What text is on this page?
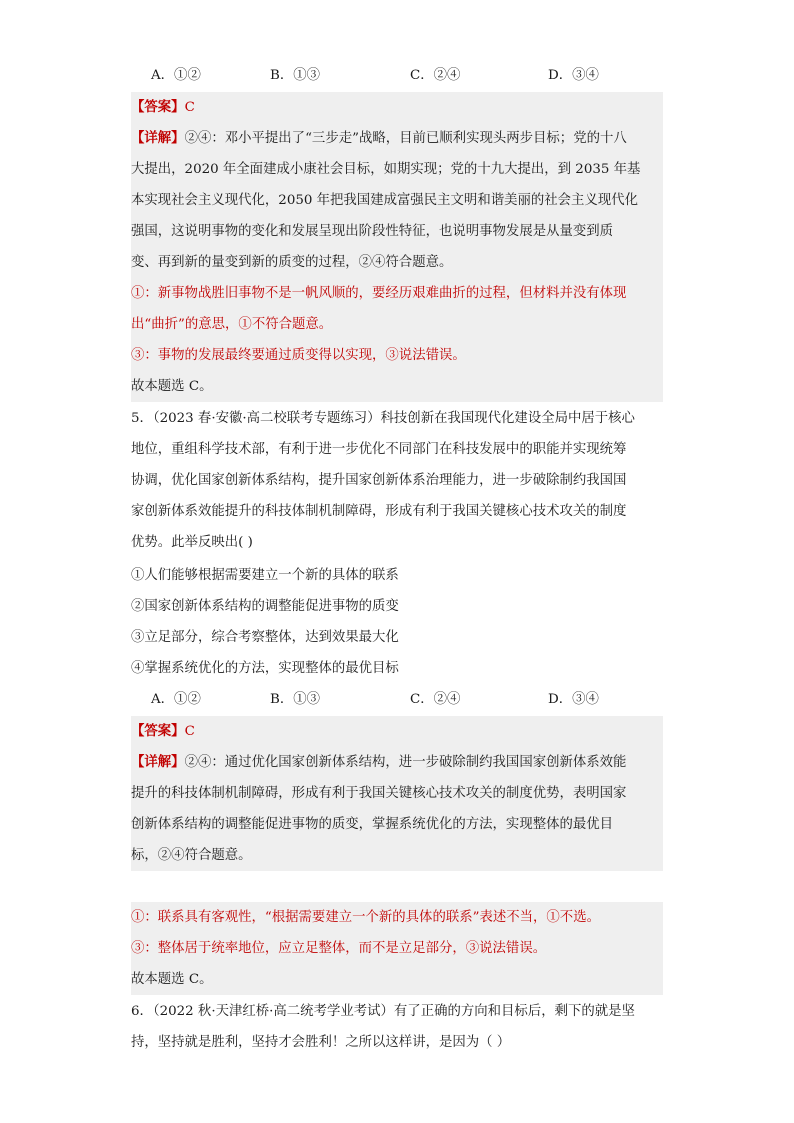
A．①②	B．①③	C．②④	D．③④
【答案】C
【详解】②④：邓小平提出了“三步走”战略，目前已顺利实现头两步目标；党的十八
大提出，2020 年全面建成小康社会目标，如期实现；党的十九大提出，到 2035 年基
本实现社会主义现代化，2050 年把我国建成富强民主文明和谐美丽的社会主义现代化
强国，这说明事物的变化和发展呈现出阶段性特征，也说明事物发展是从量变到质
变、再到新的量变到新的质变的过程，②④符合题意。
①：新事物战胜旧事物不是一帆风顺的，要经历艰难曲折的过程，但材料并没有体现
出“曲折”的意思，①不符合题意。
③：事物的发展最终要通过质变得以实现，③说法错误。
故本题选 C。
5．（2023 春·安徽·高二校联考专题练习）科技创新在我国现代化建设全局中居于核心
地位，重组科学技术部，有利于进一步优化不同部门在科技发展中的职能并实现统筹
协调，优化国家创新体系结构，提升国家创新体系治理能力，进一步破除制约我国国
家创新体系效能提升的科技体制机制障碍，形成有利于我国关键核心技术攻关的制度
优势。此举反映出( )
①人们能够根据需要建立一个新的具体的联系
②国家创新体系结构的调整能促进事物的质变
③立足部分，综合考察整体，达到效果最大化
④掌握系统优化的方法，实现整体的最优目标
A．①②	B．①③	C．②④	D．③④
【答案】C
【详解】②④：通过优化国家创新体系结构，进一步破除制约我国国家创新体系效能
提升的科技体制机制障碍，形成有利于我国关键核心技术攻关的制度优势，表明国家
创新体系结构的调整能促进事物的质变，掌握系统优化的方法，实现整体的最优目
标，②④符合题意。
①：联系具有客观性，“根据需要建立一个新的具体的联系”表述不当，①不选。
③：整体居于统率地位，应立足整体，而不是立足部分，③说法错误。
故本题选 C。
6．（2022 秋·天津红桥·高二统考学业考试）有了正确的方向和目标后，剩下的就是坚
持，坚持就是胜利，坚持才会胜利！之所以这样讲，是因为（ ）
